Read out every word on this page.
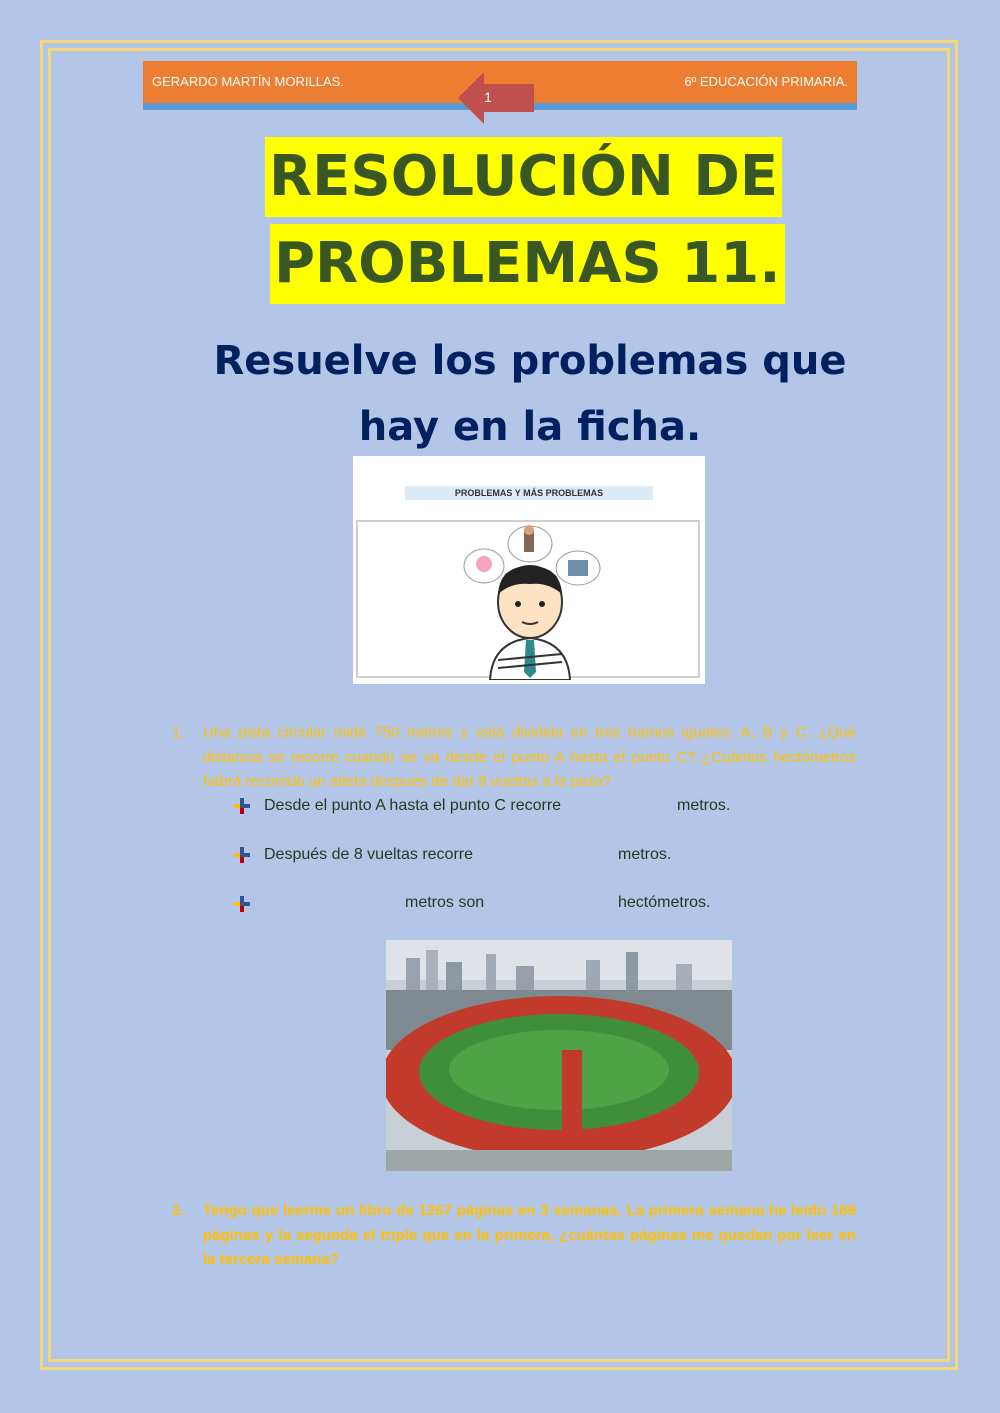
GERARDO MARTÍN MORILLAS.	6º EDUCACIÓN PRIMARIA.
1
RESOLUCIÓN DE
PROBLEMAS 11.
Resuelve los problemas que
hay en la ficha.
PROBLEMAS Y MÁS PROBLEMAS
1. Una pista circular mide 750 metros y está dividida en tres tramos iguales: A, B y C. ¿Qué distancia se recorre cuando se va desde el punto A hasta el punto C? ¿Cuántos hectómetros habrá recorrido un atleta después de dar 8 vueltas a la pista?
Desde el punto A hasta el punto C recorre	metros.
Después de 8 vueltas recorre	metros.
metros son	hectómetros.
2. Tengo que leerme un libro de 1267 páginas en 3 semanas. La primera semana he leído 189 páginas y la segunda el triple que en la primera, ¿cuántas páginas me quedan por leer en la tercera semana?
